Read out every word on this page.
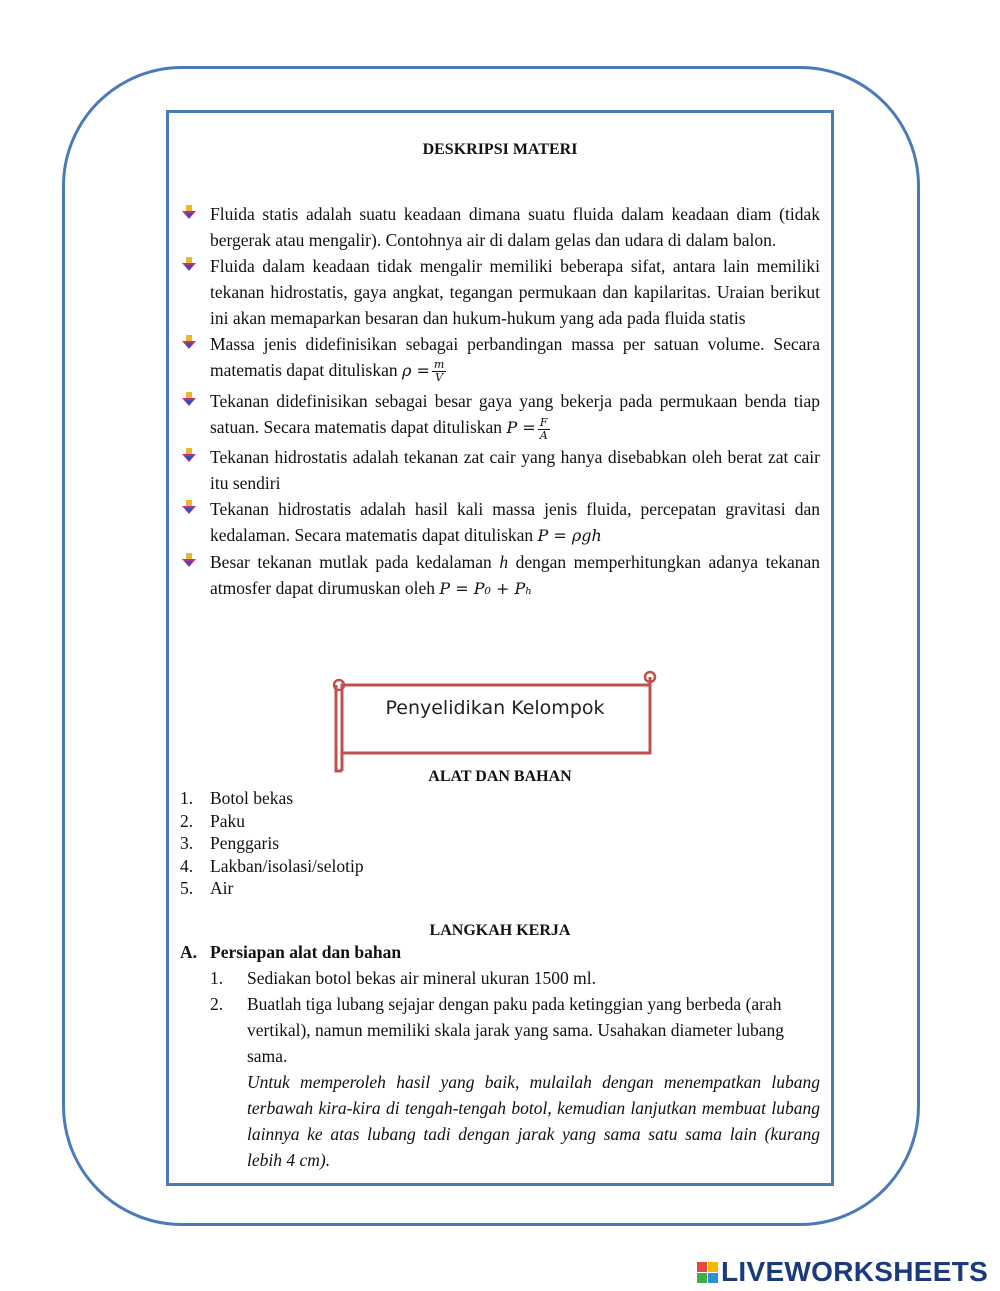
DESKRIPSI MATERI
Fluida statis adalah suatu keadaan dimana suatu fluida dalam keadaan diam (tidak bergerak atau mengalir). Contohnya air di dalam gelas dan udara di dalam balon.
Fluida dalam keadaan tidak mengalir memiliki beberapa sifat, antara lain memiliki tekanan hidrostatis, gaya angkat, tegangan permukaan dan kapilaritas. Uraian berikut ini akan memaparkan besaran dan hukum-hukum yang ada pada fluida statis
Massa jenis didefinisikan sebagai perbandingan massa per satuan volume. Secara matematis dapat dituliskan $\rho = \frac{m}{V}$
Tekanan didefinisikan sebagai besar gaya yang bekerja pada permukaan benda tiap satuan. Secara matematis dapat dituliskan $P = \frac{F}{A}$
Tekanan hidrostatis adalah tekanan zat cair yang hanya disebabkan oleh berat zat cair itu sendiri
Tekanan hidrostatis adalah hasil kali massa jenis fluida, percepatan gravitasi dan kedalaman. Secara matematis dapat dituliskan P = ρgh
Besar tekanan mutlak pada kedalaman h dengan memperhitungkan adanya tekanan atmosfer dapat dirumuskan oleh P = P₀ + Pₕ
Penyelidikan Kelompok
ALAT DAN BAHAN
1. Botol bekas
2. Paku
3. Penggaris
4. Lakban/isolasi/selotip
5. Air
LANGKAH KERJA
A. Persiapan alat dan bahan
1. Sediakan botol bekas air mineral ukuran 1500 ml.
2. Buatlah tiga lubang sejajar dengan paku pada ketinggian yang berbeda (arah vertikal), namun memiliki skala jarak yang sama. Usahakan diameter lubang sama.
Untuk memperoleh hasil yang baik, mulailah dengan menempatkan lubang terbawah kira-kira di tengah-tengah botol, kemudian lanjutkan membuat lubang lainnya ke atas lubang tadi dengan jarak yang sama satu sama lain (kurang lebih 4 cm).
LIVEWORKSHEETS
